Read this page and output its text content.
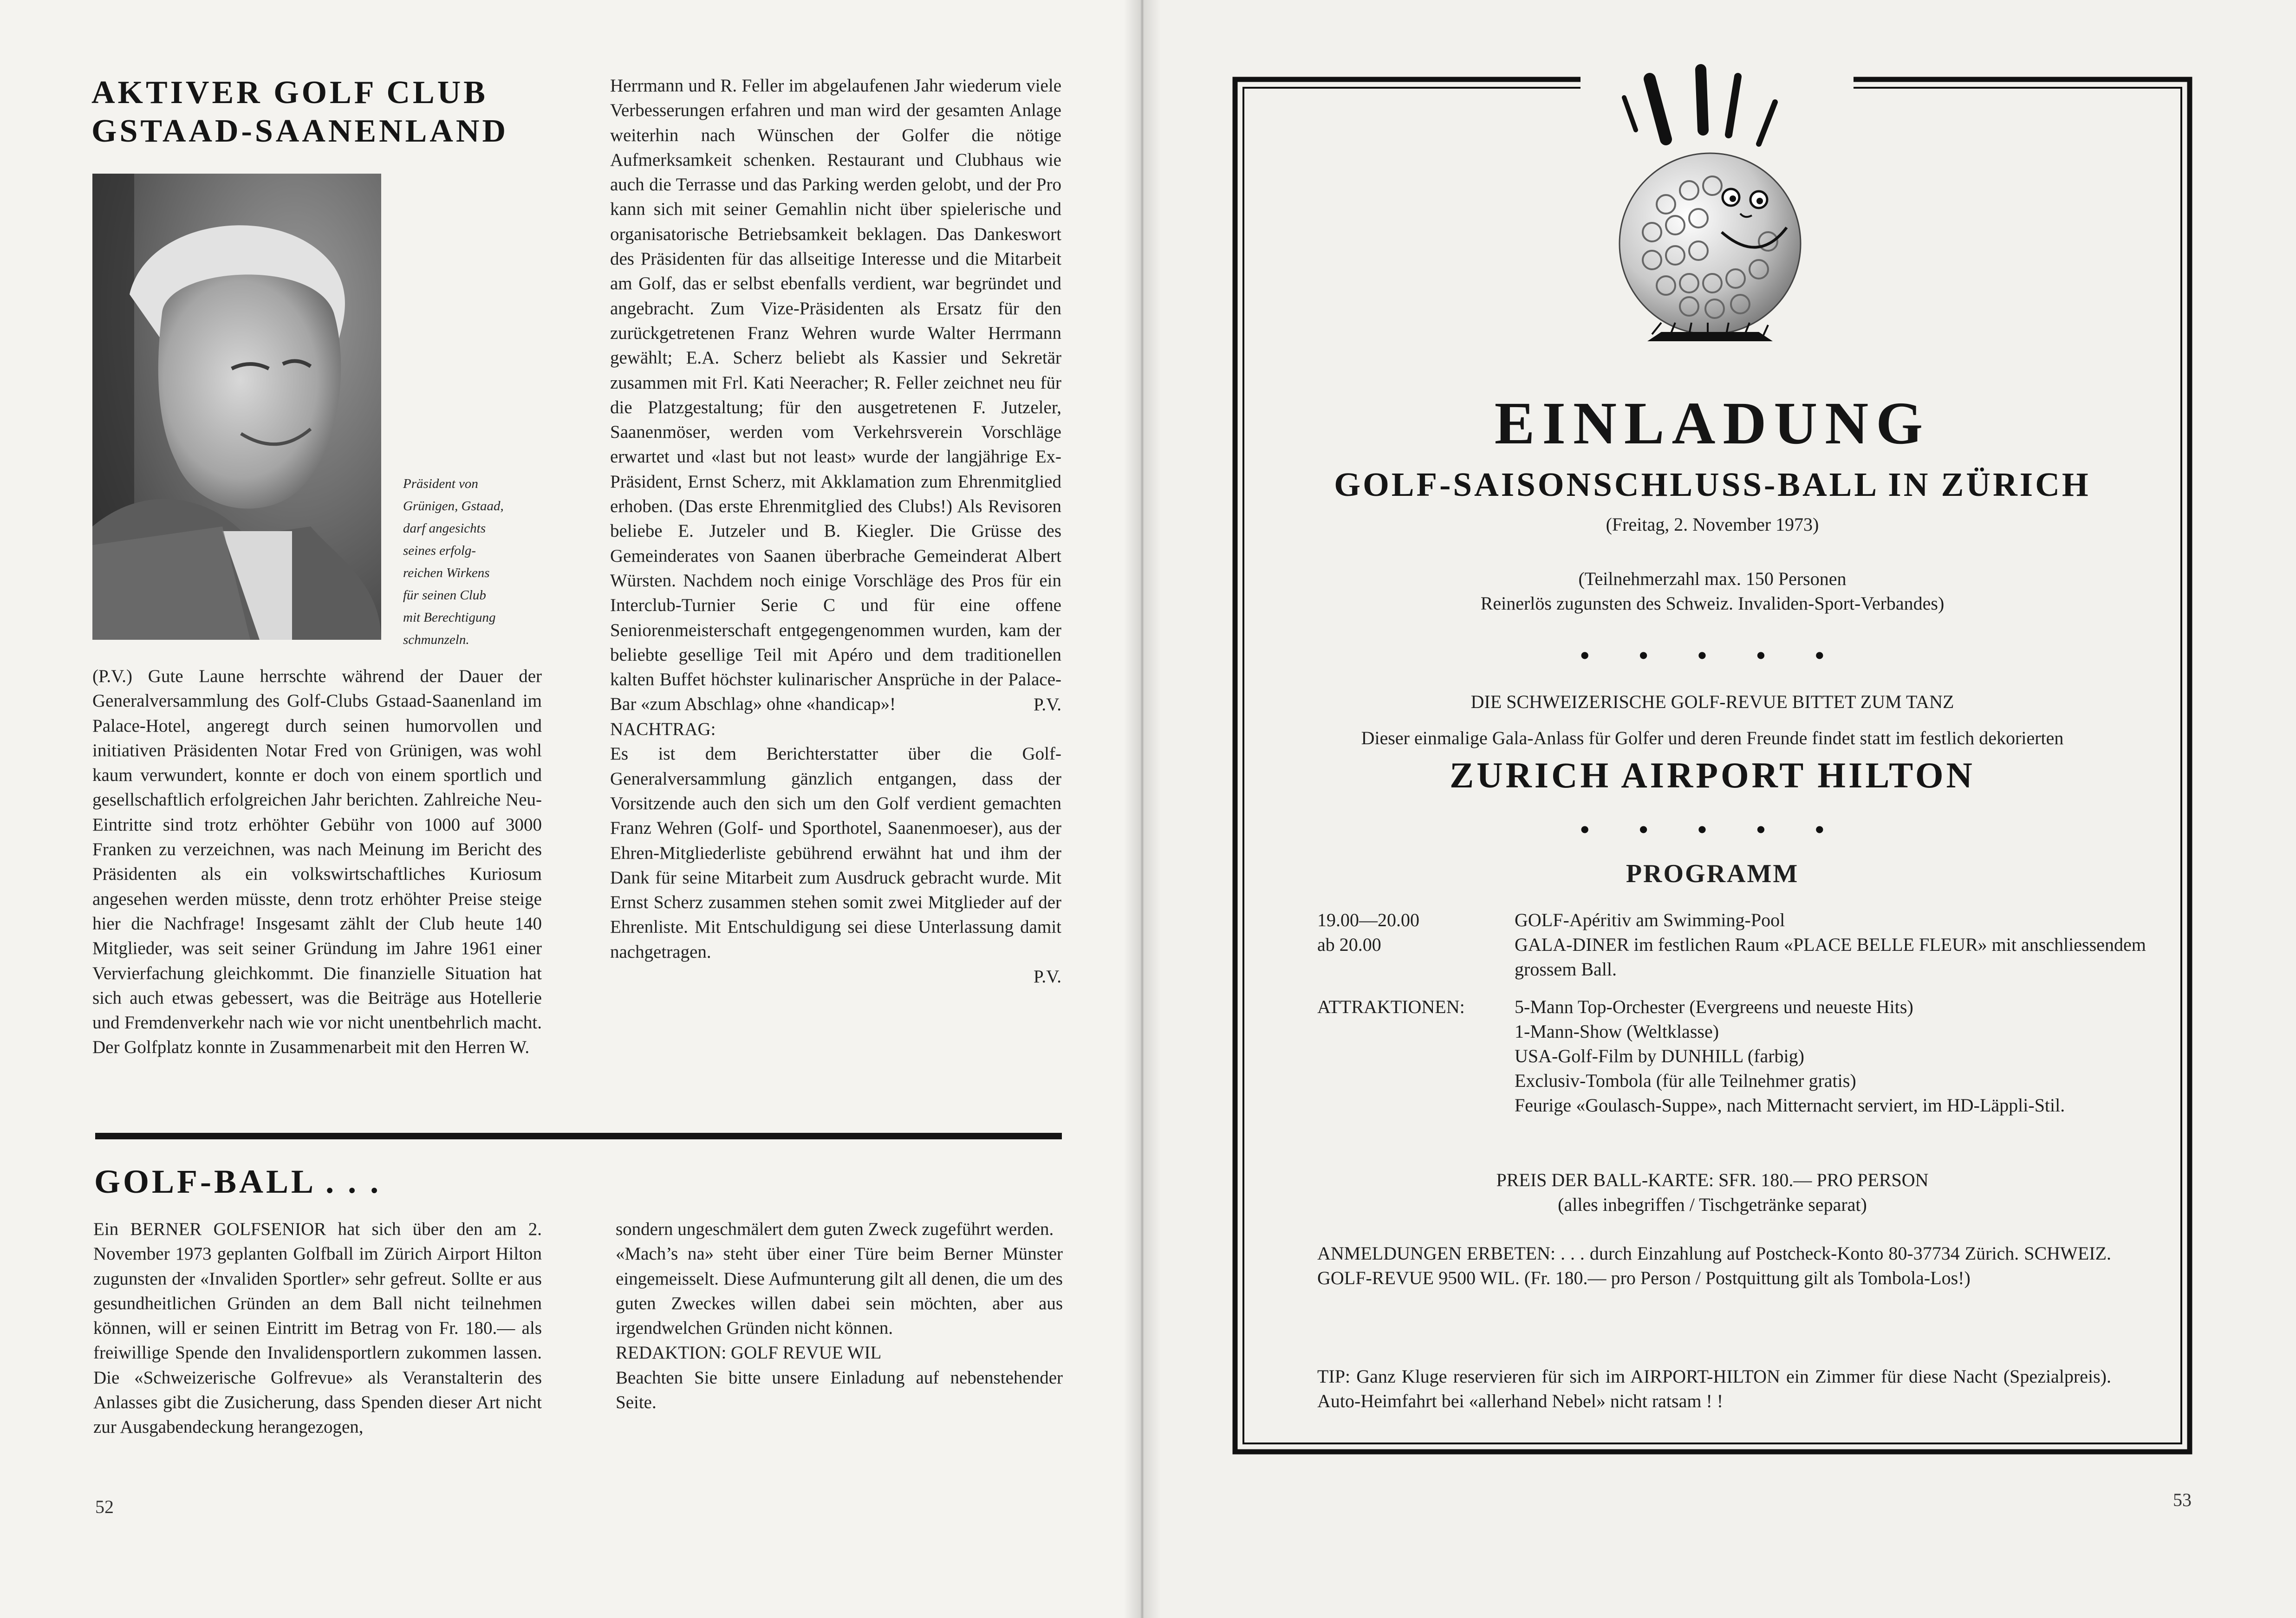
AKTIVER GOLF CLUB
GSTAAD-SAANENLAND
Präsident von
Grünigen, Gstaad,
darf angesichts
seines erfolg-
reichen Wirkens
für seinen Club
mit Berechtigung
schmunzeln.

(P.V.) Gute Laune herrschte während der Dauer der Generalversammlung des Golf-Clubs Gstaad-Saanenland im Palace-Hotel, angeregt durch seinen humorvollen und initiativen Präsidenten Notar Fred von Grünigen, was wohl kaum verwundert, konnte er doch von einem sportlich und gesellschaftlich erfolgreichen Jahr berichten. Zahlreiche Neu-Eintritte sind trotz erhöhter Gebühr von 1000 auf 3000 Franken zu verzeichnen, was nach Meinung im Bericht des Präsidenten als ein volkswirtschaftliches Kuriosum angesehen werden müsste, denn trotz erhöhter Preise steige hier die Nachfrage! Insgesamt zählt der Club heute 140 Mitglieder, was seit seiner Gründung im Jahre 1961 einer Vervierfachung gleichkommt. Die finanzielle Situation hat sich auch etwas gebessert, was die Beiträge aus Hotellerie und Fremdenverkehr nach wie vor nicht unentbehrlich macht. Der Golfplatz konnte in Zusammenarbeit mit den Herren W.

Herrmann und R. Feller im abgelaufenen Jahr wiederum viele Verbesserungen erfahren und man wird der gesamten Anlage weiterhin nach Wünschen der Golfer die nötige Aufmerksamkeit schenken. Restaurant und Clubhaus wie auch die Terrasse und das Parking werden gelobt, und der Pro kann sich mit seiner Gemahlin nicht über spielerische und organisatorische Betriebsamkeit beklagen. Das Dankeswort des Präsidenten für das allseitige Interesse und die Mitarbeit am Golf, das er selbst ebenfalls verdient, war begründet und angebracht. Zum Vize-Präsidenten als Ersatz für den zurückgetretenen Franz Wehren wurde Walter Herrmann gewählt; E.A. Scherz beliebt als Kassier und Sekretär zusammen mit Frl. Kati Neeracher; R. Feller zeichnet neu für die Platzgestaltung; für den ausgetretenen F. Jutzeler, Saanenmöser, werden vom Verkehrsverein Vorschläge erwartet und «last but not least» wurde der langjährige Ex-Präsident, Ernst Scherz, mit Akklamation zum Ehrenmitglied erhoben. (Das erste Ehrenmitglied des Clubs!) Als Revisoren beliebe E. Jutzeler und B. Kiegler. Die Grüsse des Gemeinderates von Saanen überbrache Gemeinderat Albert Würsten. Nachdem noch einige Vorschläge des Pros für ein Interclub-Turnier Serie C und für eine offene Seniorenmeisterschaft entgegengenommen wurden, kam der beliebte gesellige Teil mit Apéro und dem traditionellen kalten Buffet höchster kulinarischer Ansprüche in der Palace-Bar «zum Abschlag» ohne «handicap»!	P.V.

NACHTRAG:

Es ist dem Berichterstatter über die Golf-Generalversammlung gänzlich entgangen, dass der Vorsitzende auch den sich um den Golf verdient gemachten Franz Wehren (Golf- und Sporthotel, Saanenmoeser), aus der Ehren-Mitgliederliste gebührend erwähnt hat und ihm der Dank für seine Mitarbeit zum Ausdruck gebracht wurde. Mit Ernst Scherz zusammen stehen somit zwei Mitglieder auf der Ehrenliste. Mit Entschuldigung sei diese Unterlassung damit nachgetragen.

P.V.
GOLF-BALL . . .

Ein BERNER GOLFSENIOR hat sich über den am 2. November 1973 geplanten Golfball im Zürich Airport Hilton zugunsten der «Invaliden Sportler» sehr gefreut. Sollte er aus gesundheitlichen Gründen an dem Ball nicht teilnehmen können, will er seinen Eintritt im Betrag von Fr. 180.— als freiwillige Spende den Invalidensportlern zukommen lassen. Die «Schweizerische Golfrevue» als Veranstalterin des Anlasses gibt die Zusicherung, dass Spenden dieser Art nicht zur Ausgabendeckung herangezogen,

sondern ungeschmälert dem guten Zweck zugeführt werden.

«Mach’s na» steht über einer Türe beim Berner Münster eingemeisselt. Diese Aufmunterung gilt all denen, die um des guten Zweckes willen dabei sein möchten, aber aus irgendwelchen Gründen nicht können.

REDAKTION: GOLF REVUE WIL

Beachten Sie bitte unsere Einladung auf nebenstehender Seite.

52
EINLADUNG
GOLF-SAISONSCHLUSS-BALL IN ZÜRICH
(Freitag, 2. November 1973)
(Teilnehmerzahl max. 150 Personen
Reinerlös zugunsten des Schweiz. Invaliden-Sport-Verbandes)
• • • • •
DIE SCHWEIZERISCHE GOLF-REVUE BITTET ZUM TANZ
Dieser einmalige Gala-Anlass für Golfer und deren Freunde findet statt im festlich dekorierten
ZURICH AIRPORT HILTON
• • • • •
PROGRAMM
19.00—20.00	GOLF-Apéritiv am Swimming-Pool
ab 20.00	GALA-DINER im festlichen Raum «PLACE BELLE FLEUR» mit anschliessendem grossem Ball.
ATTRAKTIONEN:	5-Mann Top-Orchester (Evergreens und neueste Hits)
1-Mann-Show (Weltklasse)
USA-Golf-Film by DUNHILL (farbig)
Exclusiv-Tombola (für alle Teilnehmer gratis)
Feurige «Goulasch-Suppe», nach Mitternacht serviert, im HD-Läppli-Stil.
PREIS DER BALL-KARTE: SFR. 180.— PRO PERSON
(alles inbegriffen / Tischgetränke separat)
ANMELDUNGEN ERBETEN: . . . durch Einzahlung auf Postcheck-Konto 80-37734 Zürich. SCHWEIZ. GOLF-REVUE 9500 WIL. (Fr. 180.— pro Person / Postquittung gilt als Tombola-Los!)
TIP: Ganz Kluge reservieren für sich im AIRPORT-HILTON ein Zimmer für diese Nacht (Spezialpreis). Auto-Heimfahrt bei «allerhand Nebel» nicht ratsam ! !
53
